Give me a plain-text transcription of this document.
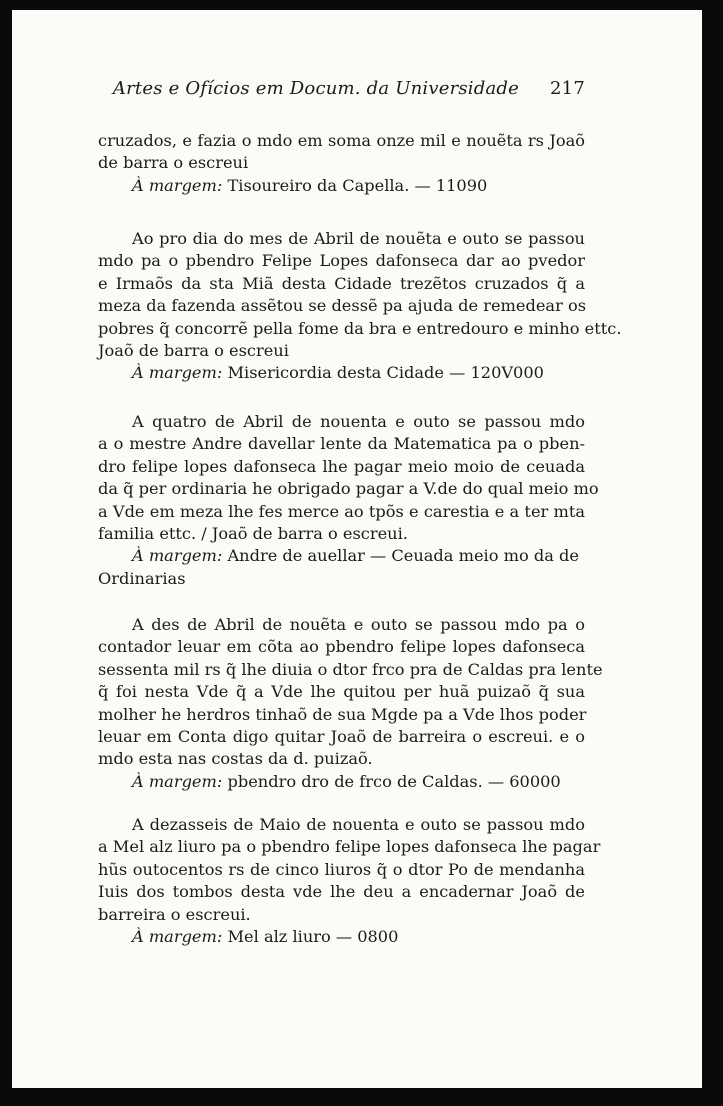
Artes e Ofícios em Docum. da Universidade 217
cruzados, e fazia o mdo em soma onze mil e nouẽta rs Joaõ
de barra o escreui

À margem: Tisoureiro da Capella. — 11090

Ao pro dia do mes de Abril de nouẽta e outo se passou
mdo pa o pbendro Felipe Lopes dafonseca dar ao pvedor
e Irmaõs da sta Miã desta Cidade trezẽtos cruzados q̃ a
meza da fazenda assẽtou se dessẽ pa ajuda de remedear os
pobres q̃ concorrẽ pella fome da bra e entredouro e minho ettc.
Joaõ de barra o escreui

À margem: Misericordia desta Cidade — 120V000

A quatro de Abril de nouenta e outo se passou mdo
a o mestre Andre davellar lente da Matematica pa o pben-
dro felipe lopes dafonseca lhe pagar meio moio de ceuada
da q̃ per ordinaria he obrigado pagar a V.de do qual meio mo
a Vde em meza lhe fes merce ao tpõs e carestia e a ter mta
familia ettc. / Joaõ de barra o escreui.

À margem: Andre de auellar — Ceuada meio mo da de

Ordinarias

A des de Abril de nouẽta e outo se passou mdo pa o
contador leuar em cõta ao pbendro felipe lopes dafonseca
sessenta mil rs q̃ lhe diuia o dtor frco pra de Caldas pra lente
q̃ foi nesta Vde q̃ a Vde lhe quitou per huã puizaõ q̃ sua
molher he herdros tinhaõ de sua Mgde pa a Vde lhos poder
leuar em Conta digo quitar Joaõ de barreira o escreui. e o
mdo esta nas costas da d. puizaõ.

À margem: pbendro dro de frco de Caldas. — 60000

A dezasseis de Maio de nouenta e outo se passou mdo
a Mel alz liuro pa o pbendro felipe lopes dafonseca lhe pagar
hũs outocentos rs de cinco liuros q̃ o dtor Po de mendanha
Iuis dos tombos desta vde lhe deu a encadernar Joaõ de
barreira o escreui.

À margem: Mel alz liuro — 0800
